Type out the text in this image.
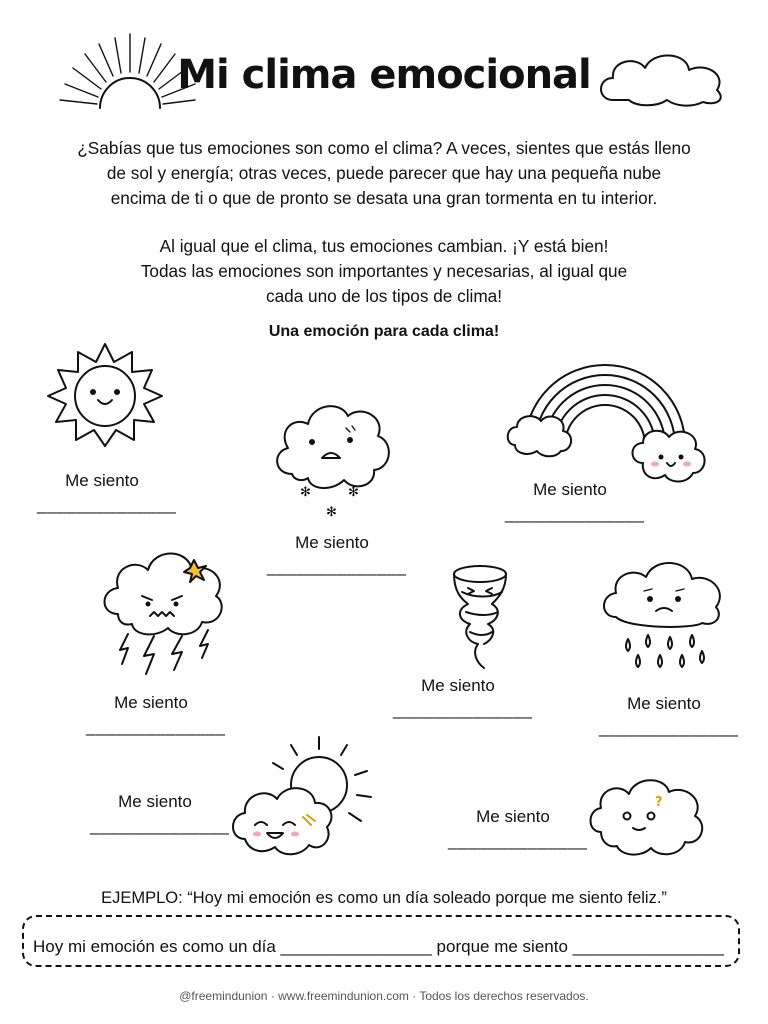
Mi clima emocional
¿Sabías que tus emociones son como el clima? A veces, sientes que estás lleno
de sol y energía; otras veces, puede parecer que hay una pequeña nube
encima de ti o que de pronto se desata una gran tormenta en tu interior.
Al igual que el clima, tus emociones cambian. ¡Y está bien!
Todas las emociones son importantes y necesarias, al igual que
cada uno de los tipos de clima!
Una emoción para cada clima!
Me siento
______________
✻	✻
✻
Me siento
______________
Me siento
______________
Me siento
______________
Me siento
______________	Me siento
______________
Me siento
______________
?
Me siento
______________
EJEMPLO: “Hoy mi emoción es como un día soleado porque me siento feliz.”
Hoy mi emoción es como un día ________________ porque me siento ________________
@freemindunion · www.freemindunion.com · Todos los derechos reservados.
